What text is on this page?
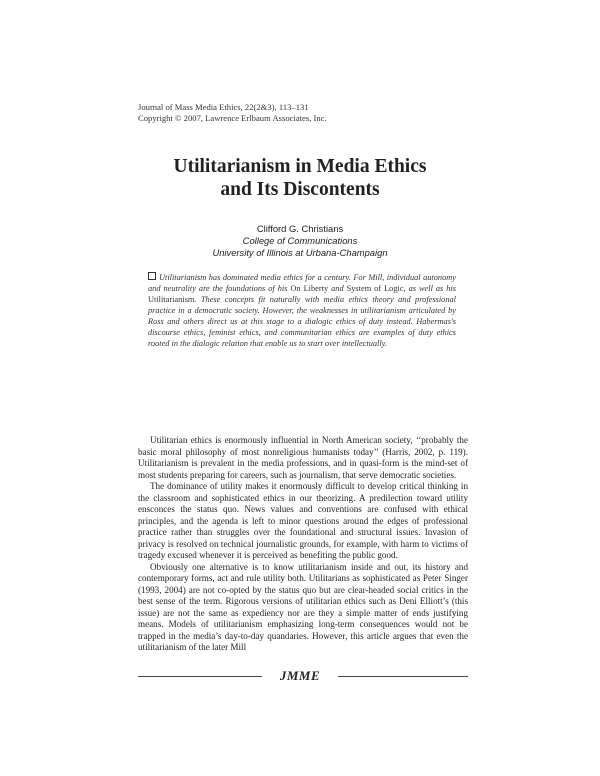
Journal of Mass Media Ethics, 22(2&3), 113–131
Copyright © 2007, Lawrence Erlbaum Associates, Inc.
Utilitarianism in Media Ethics
and Its Discontents
Clifford G. Christians
College of Communications
University of Illinois at Urbana-Champaign
Utilitarianism has dominated media ethics for a century. For Mill, individual autonomy and neutrality are the foundations of his On Liberty and System of Logic, as well as his Utilitarianism. These concepts fit naturally with media ethics theory and professional practice in a democratic society. However, the weaknesses in utilitarianism articulated by Ross and others direct us at this stage to a dialogic ethics of duty instead. Habermas's discourse ethics, feminist ethics, and communitarian ethics are examples of duty ethics rooted in the dialogic relation that enable us to start over intellectually.

Utilitarian ethics is enormously influential in North American society, ‘‘probably the basic moral philosophy of most nonreligious humanists today’’ (Harris, 2002, p. 119). Utilitarianism is prevalent in the media professions, and in quasi-form is the mind-set of most students preparing for careers, such as journalism, that serve democratic societies.

The dominance of utility makes it enormously difficult to develop critical thinking in the classroom and sophisticated ethics in our theorizing. A predilection toward utility ensconces the status quo. News values and conventions are confused with ethical principles, and the agenda is left to minor questions around the edges of professional practice rather than struggles over the foundational and structural issues. Invasion of privacy is resolved on technical journalistic grounds, for example, with harm to victims of tragedy excused whenever it is perceived as benefiting the public good.

Obviously one alternative is to know utilitarianism inside and out, its history and contemporary forms, act and rule utility both. Utilitarians as sophisticated as Peter Singer (1993, 2004) are not co-opted by the status quo but are clear-headed social critics in the best sense of the term. Rigorous versions of utilitarian ethics such as Deni Elliott’s (this issue) are not the same as expediency nor are they a simple matter of ends justifying means. Models of utilitarianism emphasizing long-term consequences would not be trapped in the media’s day-to-day quandaries. However, this article argues that even the utilitarianism of the later Mill

JMME
